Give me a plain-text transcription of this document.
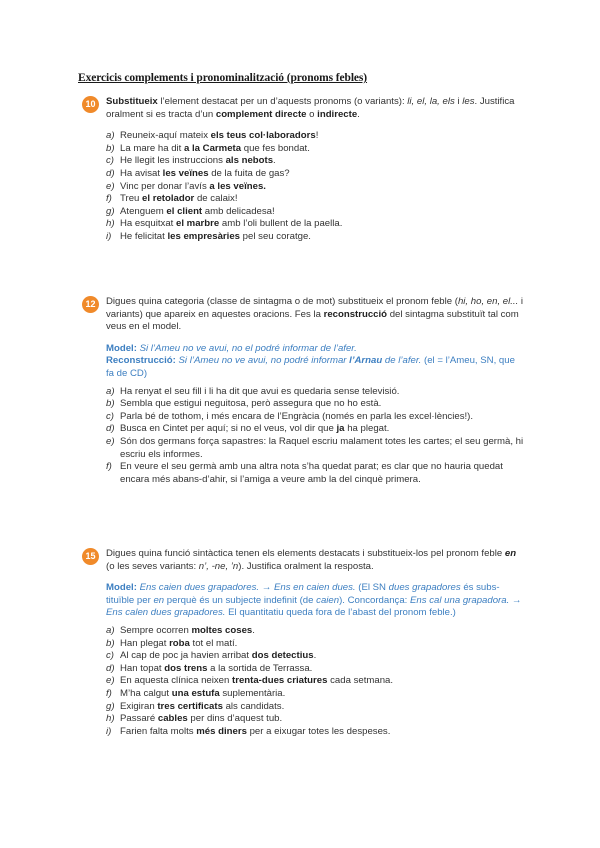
Exercicis complements i pronominalització (pronoms febles)
10	Substitueix l’element destacat per un d’aquests pronoms (o variants): li, el, la, els i les. Justifica oralment si es tracta d’un complement directe o indirecte.
a) Reuneix-aquí mateix els teus col·laboradors!
b) La mare ha dit a la Carmeta que fes bondat.
c) He llegit les instruccions als nebots.
d) Ha avisat les veïnes de la fuita de gas?
e) Vinc per donar l’avís a les veïnes.
f) Treu el retolador de calaix!
g) Atenguem el client amb delicadesa!
h) Ha esquitxat el marbre amb l’oli bullent de la paella.
i) He felicitat les empresàries pel seu coratge.
12	Digues quina categoria (classe de sintagma o de mot) substitueix el pronom feble (hi, ho, en, el... i variants) que apareix en aquestes oracions. Fes la reconstrucció del sintagma substituït tal com veus en el model.
Model: Si l’Ameu no ve avui, no el podré informar de l’afer.
Reconstrucció: Si l’Ameu no ve avui, no podré informar l’Arnau de l’afer. (el = l’Ameu, SN, que fa de CD)
a) Ha renyat el seu fill i li ha dit que avui es quedaria sense televisió.
b) Sembla que estigui neguitosa, però assegura que no ho està.
c) Parla bé de tothom, i més encara de l’Engràcia (només en parla les excel·lències!).
d) Busca en Cintet per aquí; si no el veus, vol dir que ja ha plegat.
e) Són dos germans força sapastres: la Raquel escriu malament totes les cartes; el seu germà, hi escriu els informes.
f) En veure el seu germà amb una altra nota s’ha quedat parat; es clar que no hauria quedat encara més abans-d’ahir, si l’amiga a veure amb la del cinquè primera.
15	Digues quina funció sintàctica tenen els elements destacats i substitueix-los pel pronom feble en (o les seves variants: n’, -ne, ’n). Justifica oralment la resposta.
Model: Ens caien dues grapadores. → Ens en caien dues. (El SN dues grapadores és substitu‍ïble per en perquè és un subjecte indefinit (de caien). Concordança: Ens cal una grapadora. → Ens calen dues grapadores. El quantitatiu queda fora de l’abast del pronom feble.)
a) Sempre ocorren moltes coses.
b) Han plegat roba tot el matí.
c) Al cap de poc ja havien arribat dos detectius.
d) Han topat dos trens a la sortida de Terrassa.
e) En aquesta clínica neixen trenta-dues criatures cada setmana.
f) M’ha calgut una estufa suplementària.
g) Exigiran tres certificats als candidats.
h) Passaré cables per dins d’aquest tub.
i) Farien falta molts més diners per a eixugar totes les despeses.
